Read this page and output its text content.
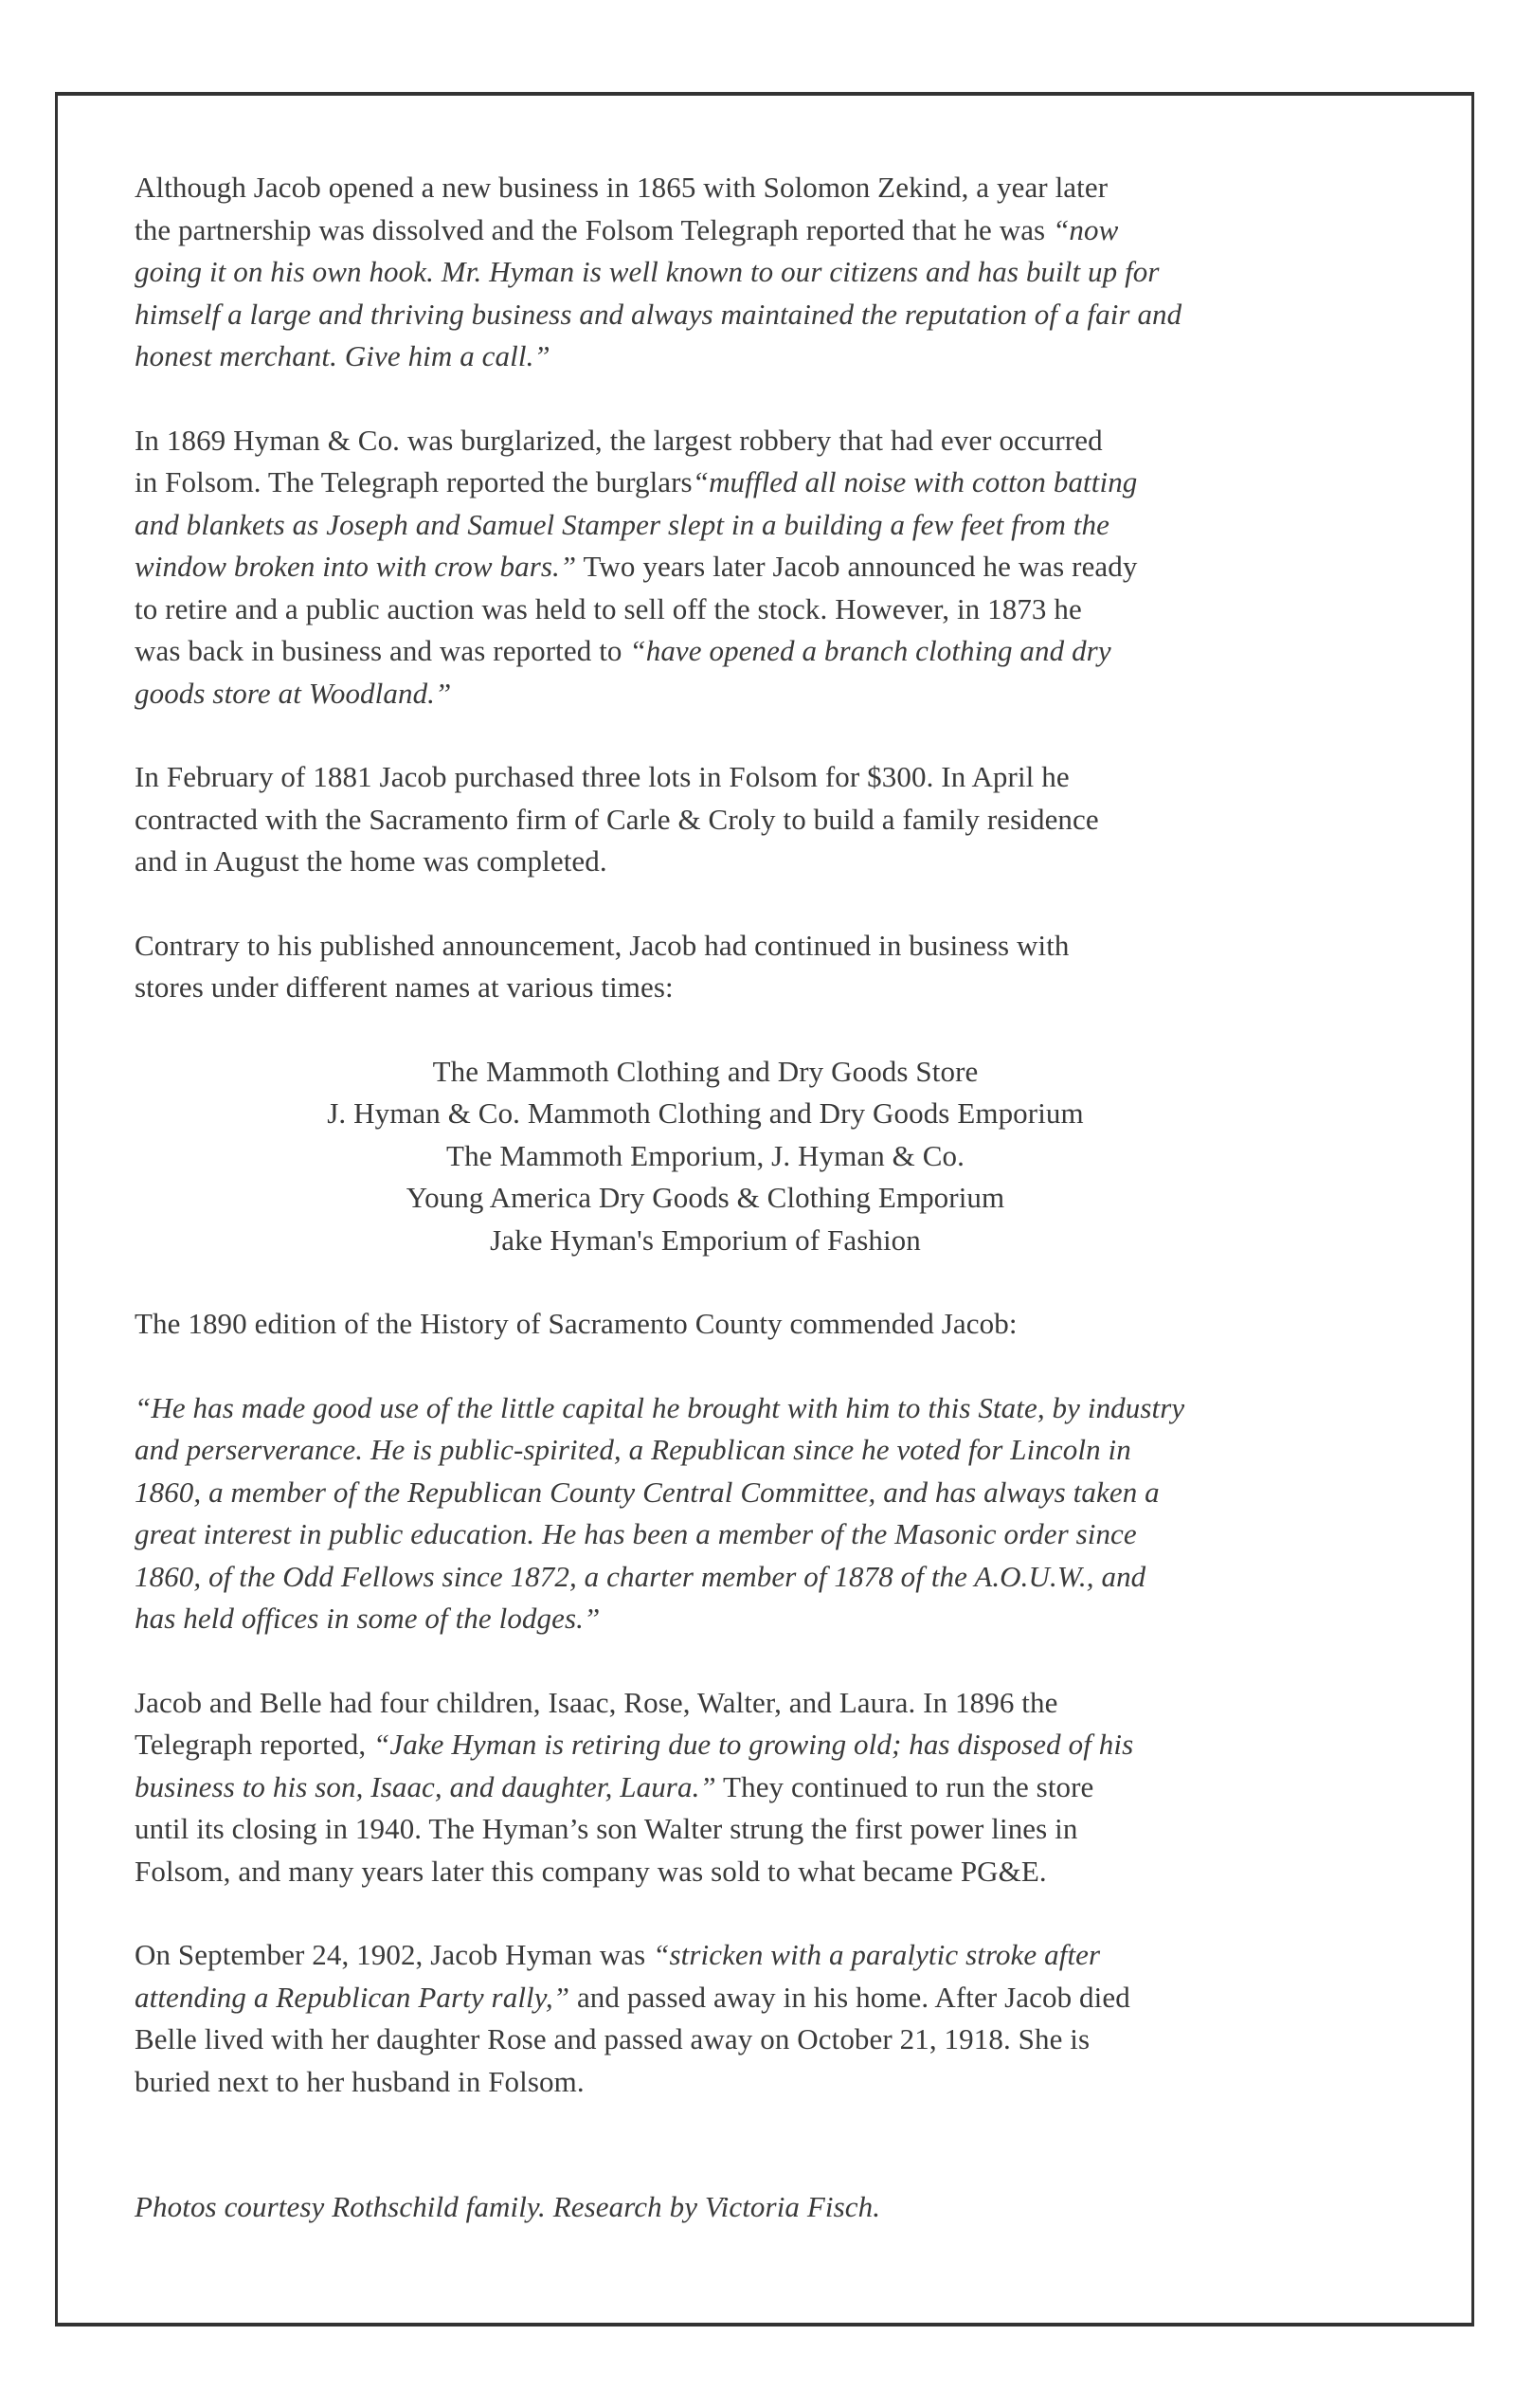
Although Jacob opened a new business in 1865 with Solomon Zekind, a year later
the partnership was dissolved and the Folsom Telegraph reported that he was “now
going it on his own hook. Mr. Hyman is well known to our citizens and has built up for
himself a large and thriving business and always maintained the reputation of a fair and
honest merchant. Give him a call.”
In 1869 Hyman & Co. was burglarized, the largest robbery that had ever occurred
in Folsom. The Telegraph reported the burglars“muffled all noise with cotton batting
and blankets as Joseph and Samuel Stamper slept in a building a few feet from the
window broken into with crow bars.” Two years later Jacob announced he was ready
to retire and a public auction was held to sell off the stock. However, in 1873 he
was back in business and was reported to “have opened a branch clothing and dry
goods store at Woodland.”
In February of 1881 Jacob purchased three lots in Folsom for $300. In April he
contracted with the Sacramento firm of Carle & Croly to build a family residence
and in August the home was completed.
Contrary to his published announcement, Jacob had continued in business with
stores under different names at various times:
The Mammoth Clothing and Dry Goods Store
J. Hyman & Co. Mammoth Clothing and Dry Goods Emporium
The Mammoth Emporium, J. Hyman & Co.
Young America Dry Goods & Clothing Emporium
Jake Hyman's Emporium of Fashion
The 1890 edition of the History of Sacramento County commended Jacob:
“He has made good use of the little capital he brought with him to this State, by industry
and perserverance. He is public-spirited, a Republican since he voted for Lincoln in
1860, a member of the Republican County Central Committee, and has always taken a
great interest in public education. He has been a member of the Masonic order since
1860, of the Odd Fellows since 1872, a charter member of 1878 of the A.O.U.W., and
has held offices in some of the lodges.”
Jacob and Belle had four children, Isaac, Rose, Walter, and Laura. In 1896 the
Telegraph reported, “Jake Hyman is retiring due to growing old; has disposed of his
business to his son, Isaac, and daughter, Laura.” They continued to run the store
until its closing in 1940. The Hyman’s son Walter strung the first power lines in
Folsom, and many years later this company was sold to what became PG&E.
On September 24, 1902, Jacob Hyman was “stricken with a paralytic stroke after
attending a Republican Party rally,” and passed away in his home. After Jacob died
Belle lived with her daughter Rose and passed away on October 21, 1918. She is
buried next to her husband in Folsom.
Photos courtesy Rothschild family. Research by Victoria Fisch.
